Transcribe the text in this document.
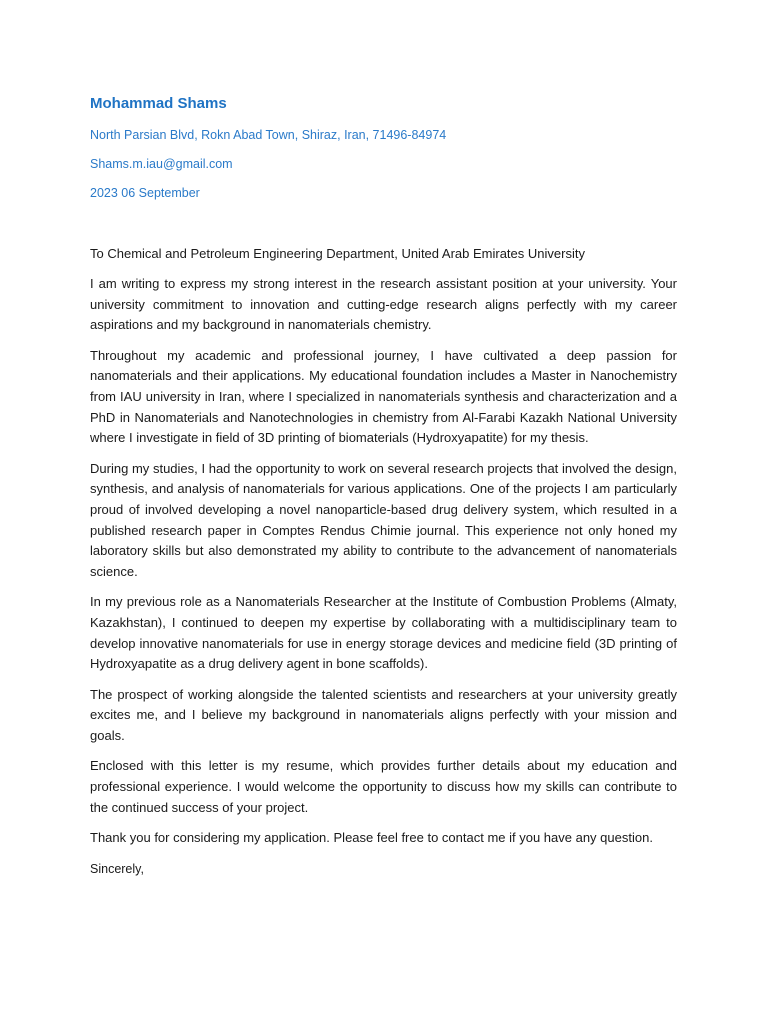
Mohammad Shams

North Parsian Blvd, Rokn Abad Town, Shiraz, Iran, 71496-84974

Shams.m.iau@gmail.com

2023 06 September

To Chemical and Petroleum Engineering Department, United Arab Emirates University

I am writing to express my strong interest in the research assistant position at your university. Your university commitment to innovation and cutting-edge research aligns perfectly with my career aspirations and my background in nanomaterials chemistry.

Throughout my academic and professional journey, I have cultivated a deep passion for nanomaterials and their applications. My educational foundation includes a Master in Nanochemistry from IAU university in Iran, where I specialized in nanomaterials synthesis and characterization and a PhD in Nanomaterials and Nanotechnologies in chemistry from Al-Farabi Kazakh National University where I investigate in field of 3D printing of biomaterials (Hydroxyapatite) for my thesis.

During my studies, I had the opportunity to work on several research projects that involved the design, synthesis, and analysis of nanomaterials for various applications. One of the projects I am particularly proud of involved developing a novel nanoparticle-based drug delivery system, which resulted in a published research paper in Comptes Rendus Chimie journal. This experience not only honed my laboratory skills but also demonstrated my ability to contribute to the advancement of nanomaterials science.

In my previous role as a Nanomaterials Researcher at the Institute of Combustion Problems (Almaty, Kazakhstan), I continued to deepen my expertise by collaborating with a multidisciplinary team to develop innovative nanomaterials for use in energy storage devices and medicine field (3D printing of Hydroxyapatite as a drug delivery agent in bone scaffolds).

The prospect of working alongside the talented scientists and researchers at your university greatly excites me, and I believe my background in nanomaterials aligns perfectly with your mission and goals.

Enclosed with this letter is my resume, which provides further details about my education and professional experience. I would welcome the opportunity to discuss how my skills can contribute to the continued success of your project.

Thank you for considering my application. Please feel free to contact me if you have any question.

Sincerely,
